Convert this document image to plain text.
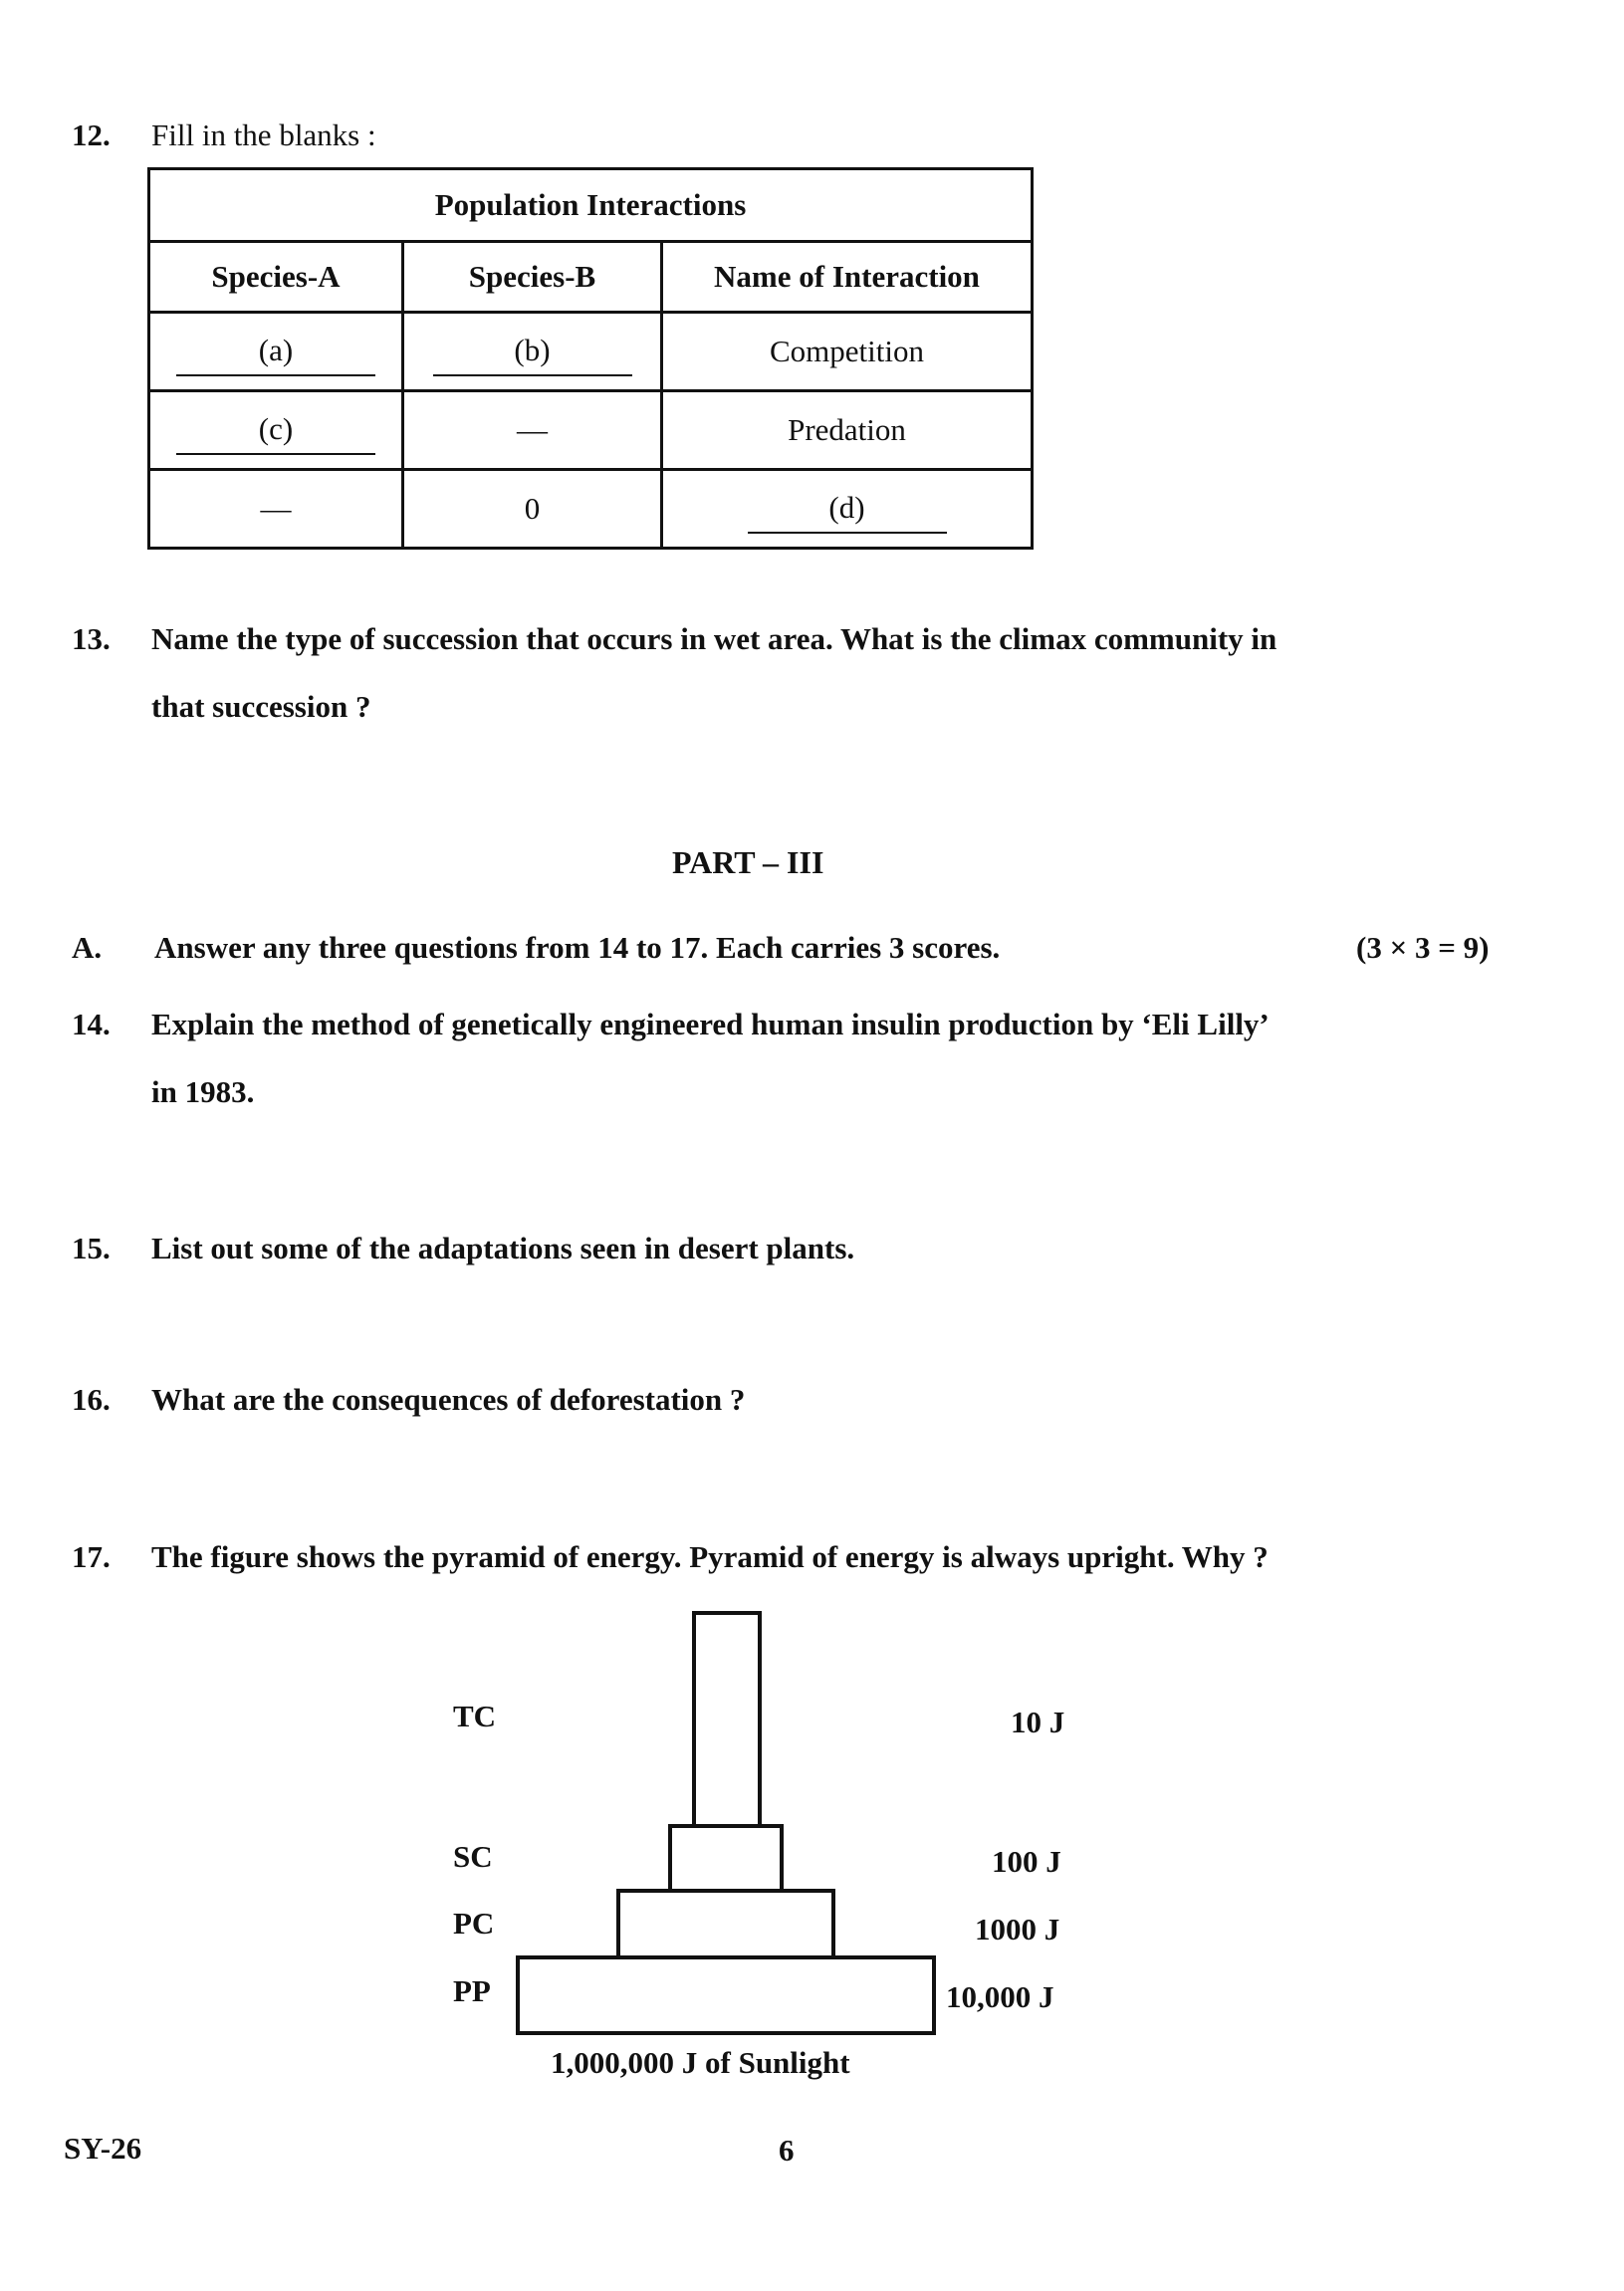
12. Fill in the blanks :
Population Interactions		
Species-A	Species-B	Name of Interaction
(a)	(b)	Competition
(c)	—	Predation
—	0	(d)
13. Name the type of succession that occurs in wet area. What is the climax community in
that succession ?
PART – III
A. Answer any three questions from 14 to 17. Each carries 3 scores.	(3 × 3 = 9)
14. Explain the method of genetically engineered human insulin production by ‘Eli Lilly’
in 1983.
15. List out some of the adaptations seen in desert plants.
16. What are the consequences of deforestation ?
17. The figure shows the pyramid of energy. Pyramid of energy is always upright. Why ?
TC	10 J
SC	100 J
PC	1000 J
PP	10,000 J
1,000,000 J of Sunlight
SY-26	6
